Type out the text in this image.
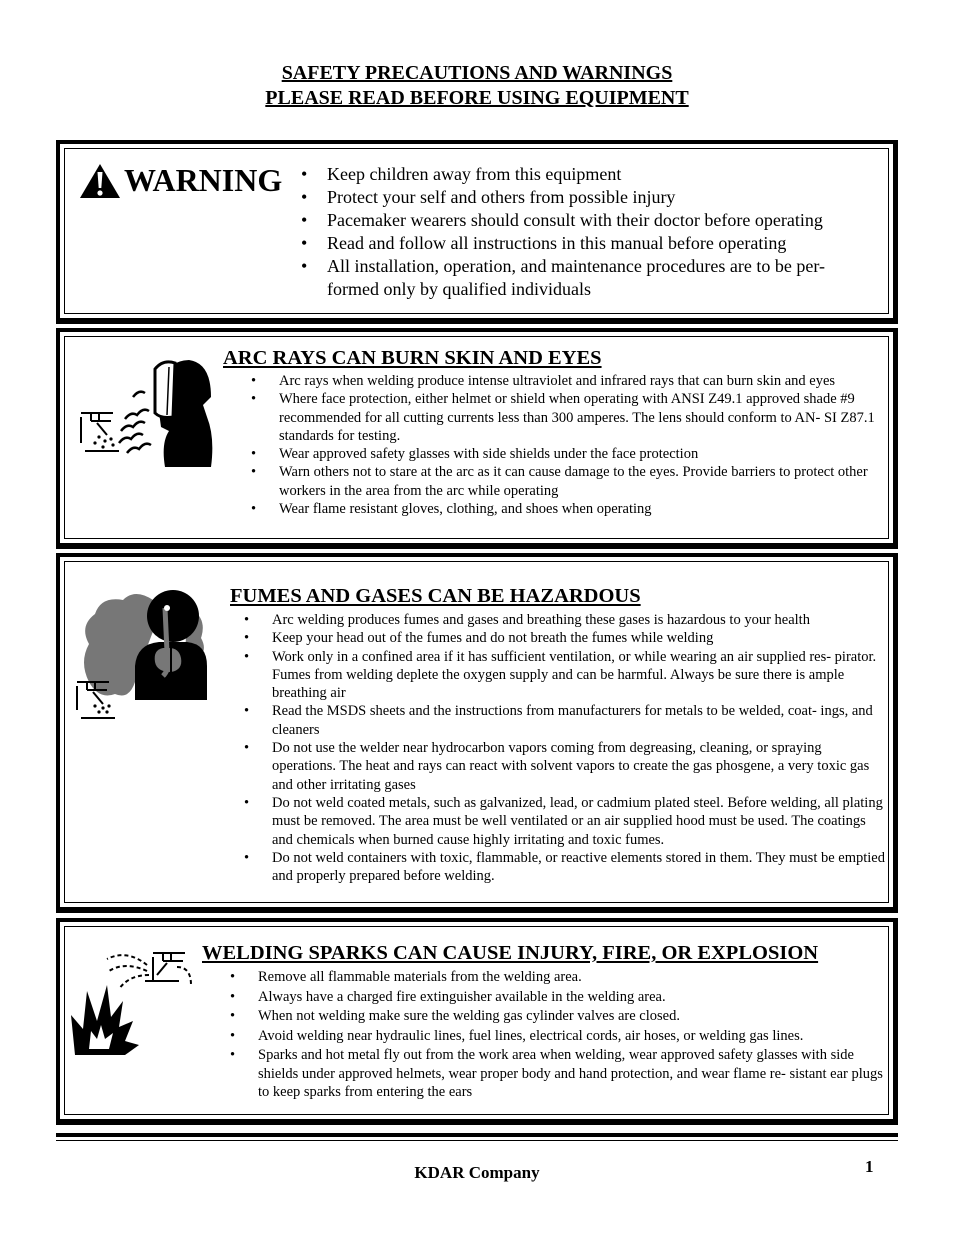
SAFETY PRECAUTIONS AND WARNINGS
PLEASE READ BEFORE USING EQUIPMENT
WARNING
• Keep children away from this equipment
• Protect your self and others from possible injury
• Pacemaker wearers should consult with their doctor before operating
• Read and follow all instructions in this manual before operating
• All installation, operation, and maintenance procedures are to be per- formed only by qualified individuals
ARC RAYS CAN BURN SKIN AND EYES
• Arc rays when welding produce intense ultraviolet and infrared rays that can burn skin and eyes
• Where face protection, either helmet or shield when operating with ANSI Z49.1 approved shade #9 recommended for all cutting currents less than 300 amperes. The lens should conform to AN- SI Z87.1 standards for testing.
• Wear approved safety glasses with side shields under the face protection
• Warn others not to stare at the arc as it can cause damage to the eyes. Provide barriers to protect other workers in the area from the arc while operating
• Wear flame resistant gloves, clothing, and shoes when operating
FUMES AND GASES CAN BE HAZARDOUS
• Arc welding produces fumes and gases and breathing these gases is hazardous to your health
• Keep your head out of the fumes and do not breath the fumes while welding
• Work only in a confined area if it has sufficient ventilation, or while wearing an air supplied res- pirator. Fumes from welding deplete the oxygen supply and can be harmful. Always be sure there is ample breathing air
• Read the MSDS sheets and the instructions from manufacturers for metals to be welded, coat- ings, and cleaners
• Do not use the welder near hydrocarbon vapors coming from degreasing, cleaning, or spraying operations. The heat and rays can react with solvent vapors to create the gas phosgene, a very toxic gas and other irritating gases
• Do not weld coated metals, such as galvanized, lead, or cadmium plated steel. Before welding, all plating must be removed. The area must be well ventilated or an air supplied hood must be used. The coatings and chemicals when burned cause highly irritating and toxic fumes.
• Do not weld containers with toxic, flammable, or reactive elements stored in them. They must be emptied and properly prepared before welding.
WELDING SPARKS CAN CAUSE INJURY, FIRE, OR EXPLOSION
• Remove all flammable materials from the welding area.
• Always have a charged fire extinguisher available in the welding area.
• When not welding make sure the welding gas cylinder valves are closed.
• Avoid welding near hydraulic lines, fuel lines, electrical cords, air hoses, or welding gas lines.
• Sparks and hot metal fly out from the work area when welding, wear approved safety glasses with side shields under approved helmets, wear proper body and hand protection, and wear flame re- sistant ear plugs to keep sparks from entering the ears
KDAR Company	1
